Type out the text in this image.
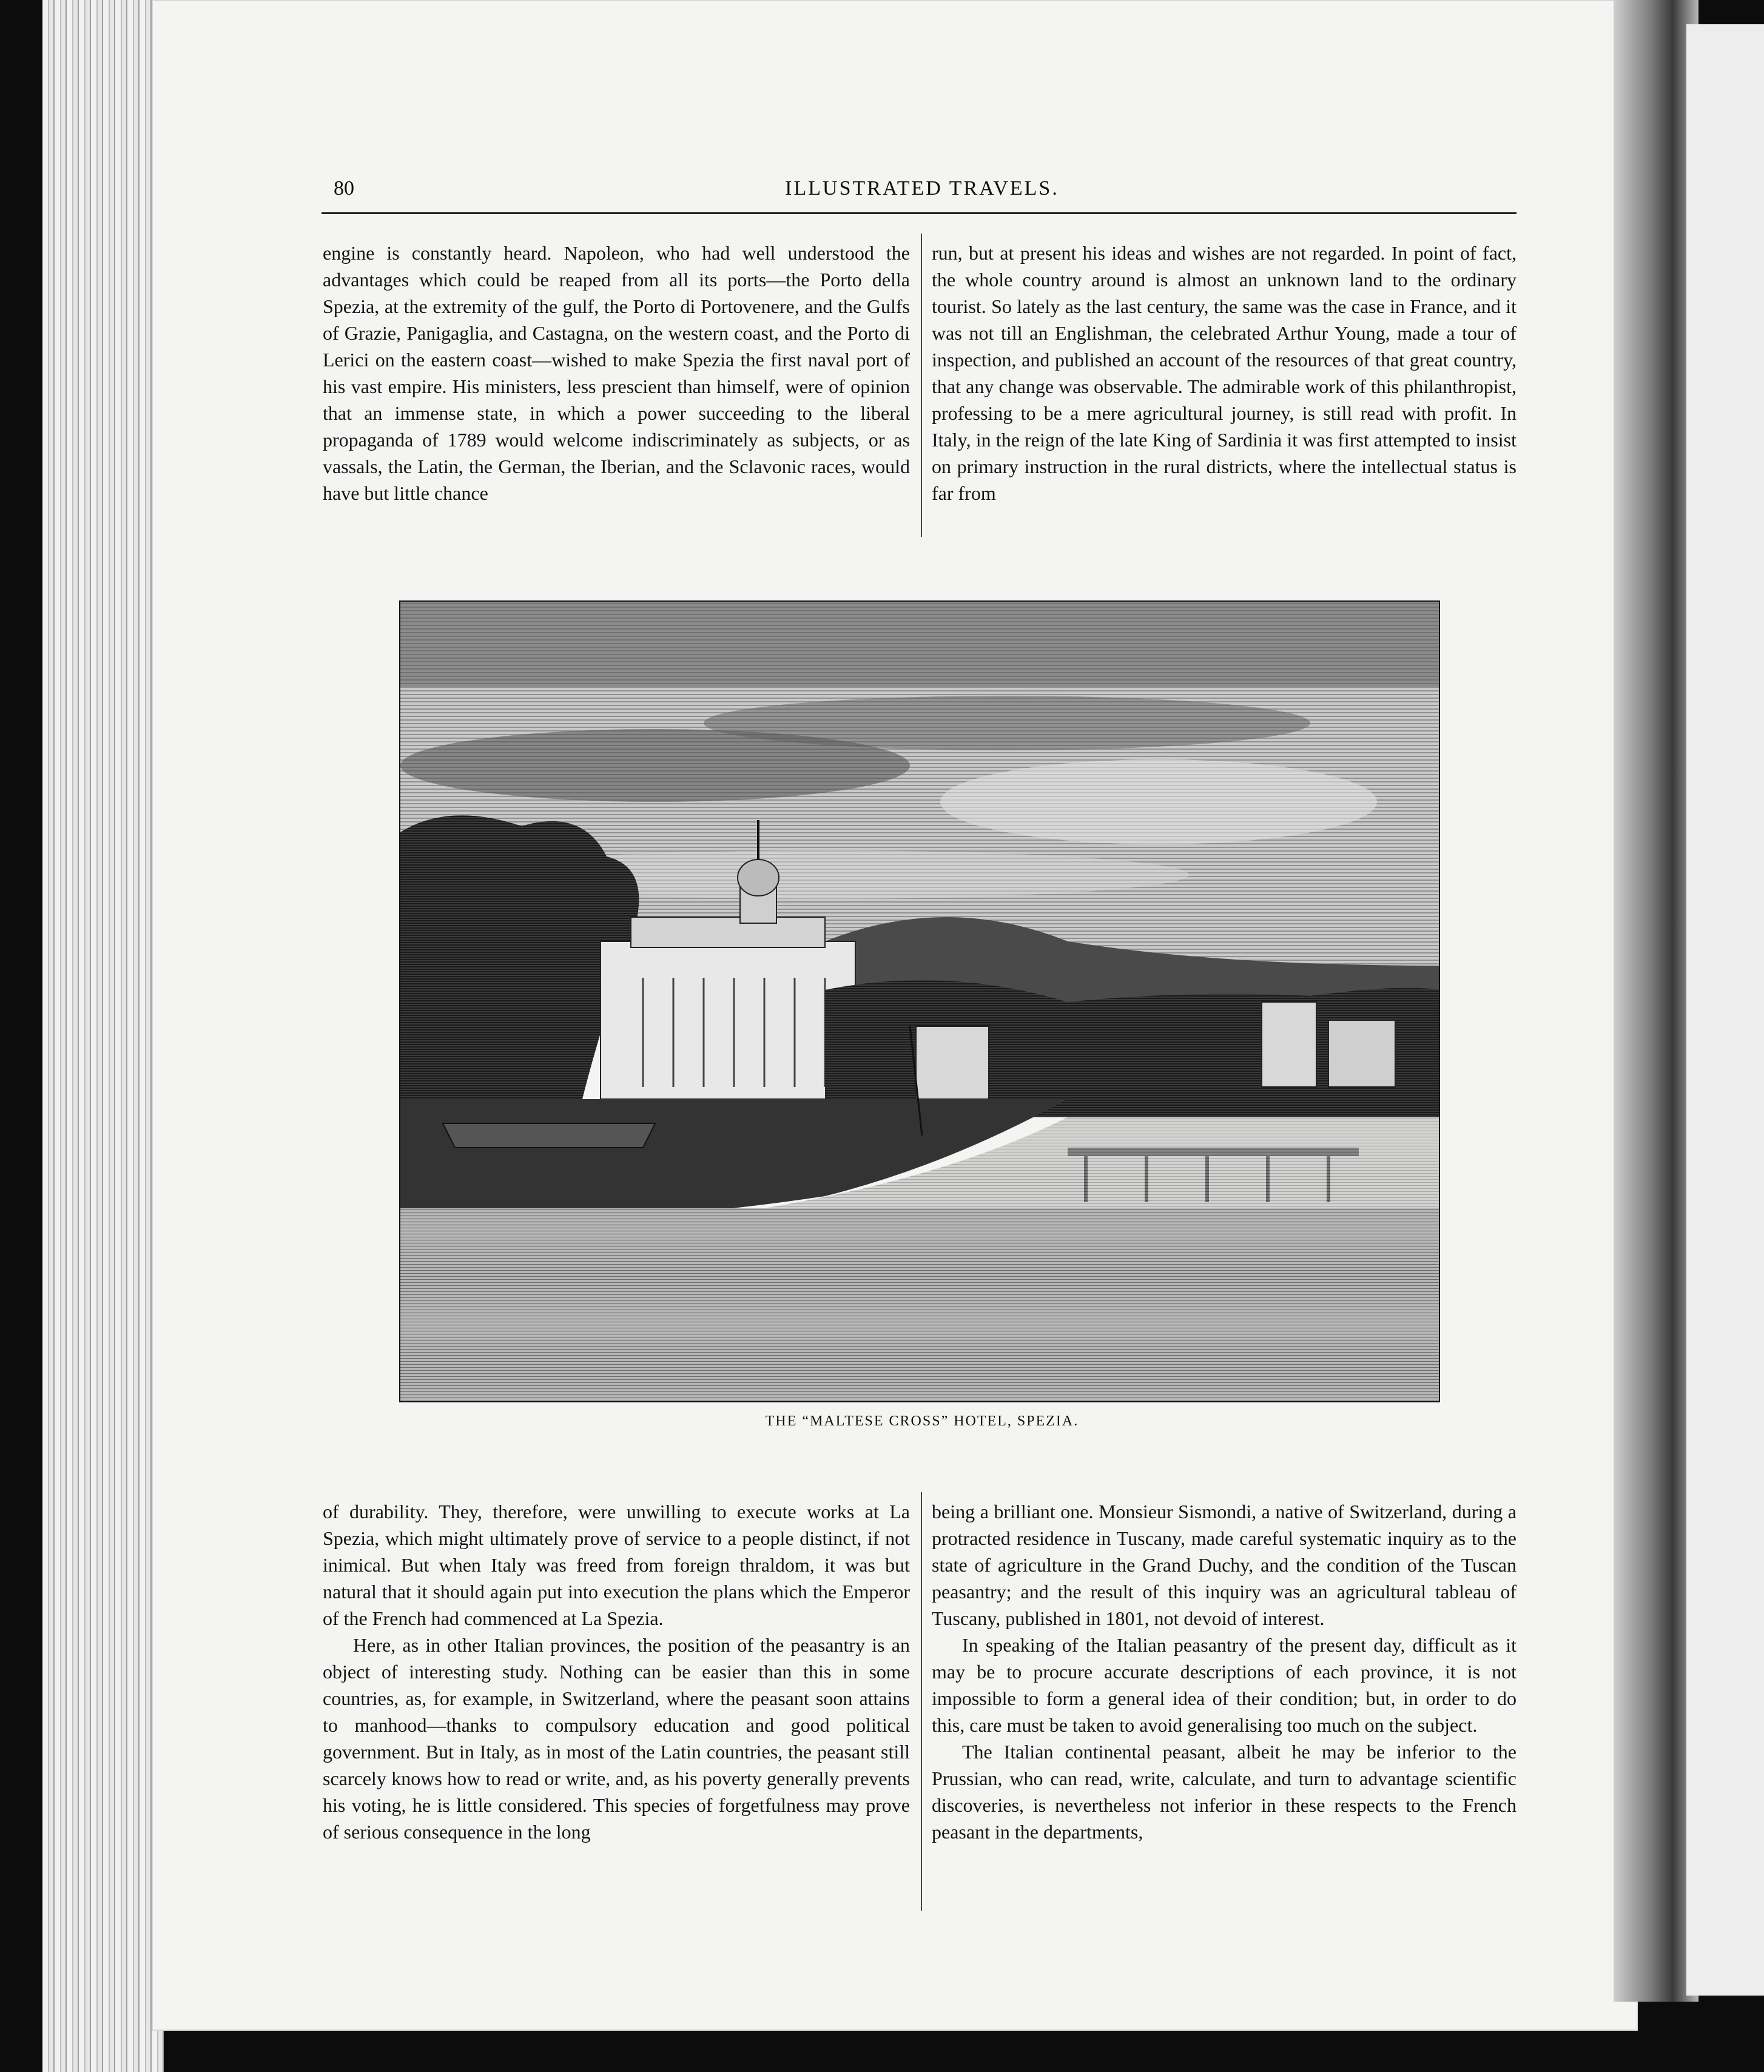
80	ILLUSTRATED TRAVELS.

engine is constantly heard. Napoleon, who had well understood the advantages which could be reaped from all its ports—the Porto della Spezia, at the extremity of the gulf, the Porto di Portovenere, and the Gulfs of Grazie, Panigaglia, and Castagna, on the western coast, and the Porto di Lerici on the eastern coast—wished to make Spezia the first naval port of his vast empire. His ministers, less prescient than himself, were of opinion that an immense state, in which a power succeeding to the liberal propaganda of 1789 would welcome indiscriminately as subjects, or as vassals, the Latin, the German, the Iberian, and the Sclavonic races, would have but little chance

run, but at present his ideas and wishes are not regarded. In point of fact, the whole country around is almost an unknown land to the ordinary tourist. So lately as the last century, the same was the case in France, and it was not till an Englishman, the celebrated Arthur Young, made a tour of inspection, and published an account of the resources of that great country, that any change was observable. The admirable work of this philanthropist, professing to be a mere agricultural journey, is still read with profit. In Italy, in the reign of the late King of Sardinia it was first attempted to insist on primary instruction in the rural districts, where the intellectual status is far from

THE “MALTESE CROSS” HOTEL, SPEZIA.

of durability. They, therefore, were unwilling to execute works at La Spezia, which might ultimately prove of service to a people distinct, if not inimical. But when Italy was freed from foreign thraldom, it was but natural that it should again put into execution the plans which the Emperor of the French had commenced at La Spezia.

Here, as in other Italian provinces, the position of the peasantry is an object of interesting study. Nothing can be easier than this in some countries, as, for example, in Switzerland, where the peasant soon attains to manhood—thanks to compulsory education and good political government. But in Italy, as in most of the Latin countries, the peasant still scarcely knows how to read or write, and, as his poverty generally prevents his voting, he is little considered. This species of forgetfulness may prove of serious consequence in the long

being a brilliant one. Monsieur Sismondi, a native of Switzerland, during a protracted residence in Tuscany, made careful systematic inquiry as to the state of agriculture in the Grand Duchy, and the condition of the Tuscan peasantry; and the result of this inquiry was an agricultural tableau of Tuscany, published in 1801, not devoid of interest.

In speaking of the Italian peasantry of the present day, difficult as it may be to procure accurate descriptions of each province, it is not impossible to form a general idea of their condition; but, in order to do this, care must be taken to avoid generalising too much on the subject.

The Italian continental peasant, albeit he may be inferior to the Prussian, who can read, write, calculate, and turn to advantage scientific discoveries, is nevertheless not inferior in these respects to the French peasant in the departments,
